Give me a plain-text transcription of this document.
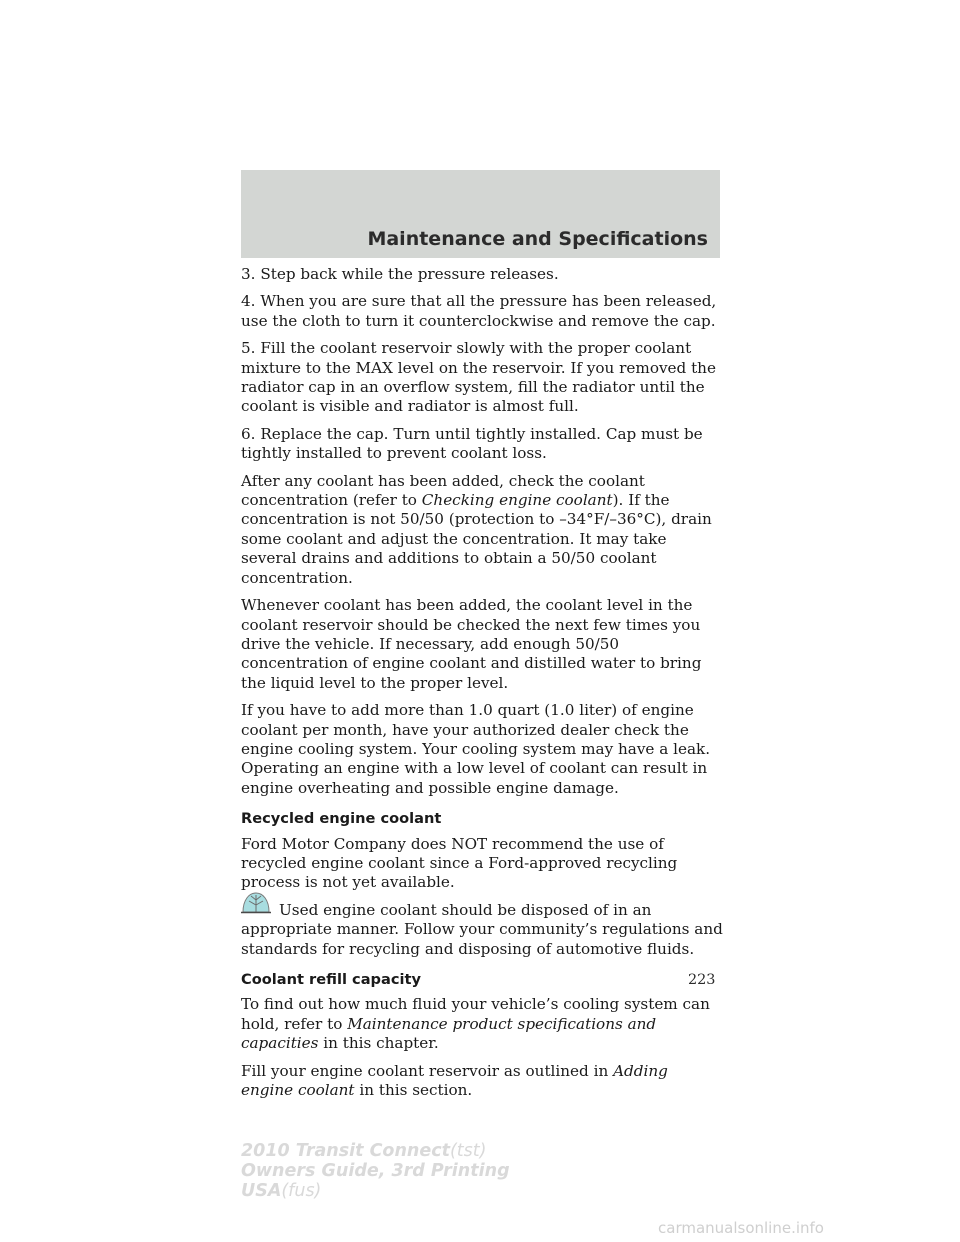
Maintenance and Specifications

3. Step back while the pressure releases.

4. When you are sure that all the pressure has been released, use the cloth to turn it counterclockwise and remove the cap.

5. Fill the coolant reservoir slowly with the proper coolant mixture to the MAX level on the reservoir. If you removed the radiator cap in an overflow system, fill the radiator until the coolant is visible and radiator is almost full.

6. Replace the cap. Turn until tightly installed. Cap must be tightly installed to prevent coolant loss.

After any coolant has been added, check the coolant concentration (refer to Checking engine coolant). If the concentration is not 50/50 (protection to –34°F/–36°C), drain some coolant and adjust the concentration. It may take several drains and additions to obtain a 50/50 coolant concentration.

Whenever coolant has been added, the coolant level in the coolant reservoir should be checked the next few times you drive the vehicle. If necessary, add enough 50/50 concentration of engine coolant and distilled water to bring the liquid level to the proper level.

If you have to add more than 1.0 quart (1.0 liter) of engine coolant per month, have your authorized dealer check the engine cooling system. Your cooling system may have a leak. Operating an engine with a low level of coolant can result in engine overheating and possible engine damage.

Recycled engine coolant

Ford Motor Company does NOT recommend the use of recycled engine coolant since a Ford-approved recycling process is not yet available.

Used engine coolant should be disposed of in an appropriate manner. Follow your community’s regulations and standards for recycling and disposing of automotive fluids.

Coolant refill capacity

To find out how much fluid your vehicle’s cooling system can hold, refer to Maintenance product specifications and capacities in this chapter.

Fill your engine coolant reservoir as outlined in Adding engine coolant in this section.

223
2010 Transit Connect(tst)
Owners Guide, 3rd Printing
USA(fus)
carmanualsonline.info
